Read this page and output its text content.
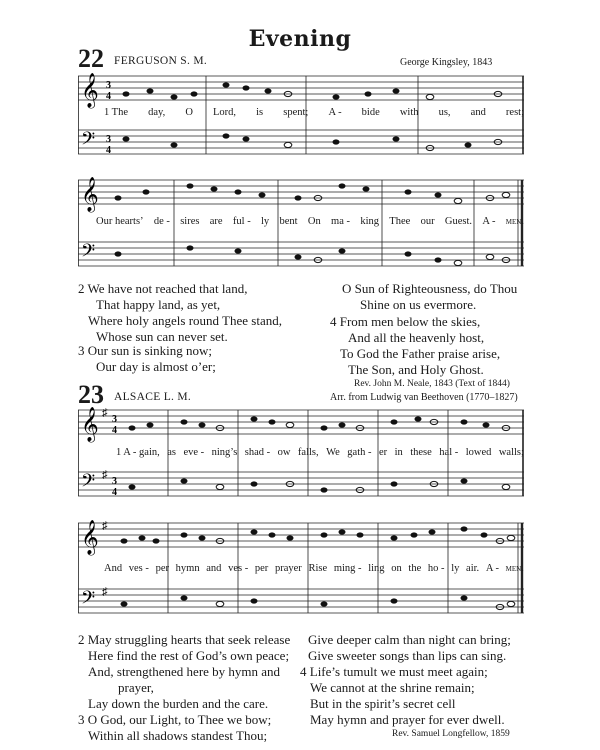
Evening
22 FERGUSON S. M.	George Kingsley, 1843
𝄞
𝄢
3
4
3
4
1 The day, O Lord, is spent; A - bide with us, and rest;
𝄞
𝄢
Our hearts’ de - sires are ful - ly bent On ma - king Thee our Guest. A - men.
2 We have not reached that land,
That happy land, as yet,
Where holy angels round Thee stand,
Whose sun can never set.
3 Our sun is sinking now;
Our day is almost o’er;
O Sun of Righteousness, do Thou
Shine on us evermore.
4 From men below the skies,
And all the heavenly host,
To God the Father praise arise,
The Son, and Holy Ghost.
Rev. John M. Neale, 1843 (Text of 1844)
23 ALSACE L. M.	Arr. from Ludwig van Beethoven (1770–1827)
𝄞
𝄢
♯
♯
3
4
3
4
1 A - gain, as eve - ning’s shad - ow falls, We gath - er in these hal - lowed walls;
𝄞
𝄢
♯
♯
And ves - per hymn and ves - per prayer Rise ming - ling on the ho - ly air. A - men.
2 May struggling hearts that seek release
Here find the rest of God’s own peace;
And, strengthened here by hymn and
prayer,
Lay down the burden and the care.
3 O God, our Light, to Thee we bow;
Within all shadows standest Thou;
Give deeper calm than night can bring;
Give sweeter songs than lips can sing.
4 Life’s tumult we must meet again;
We cannot at the shrine remain;
But in the spirit’s secret cell
May hymn and prayer for ever dwell.
Rev. Samuel Longfellow, 1859
